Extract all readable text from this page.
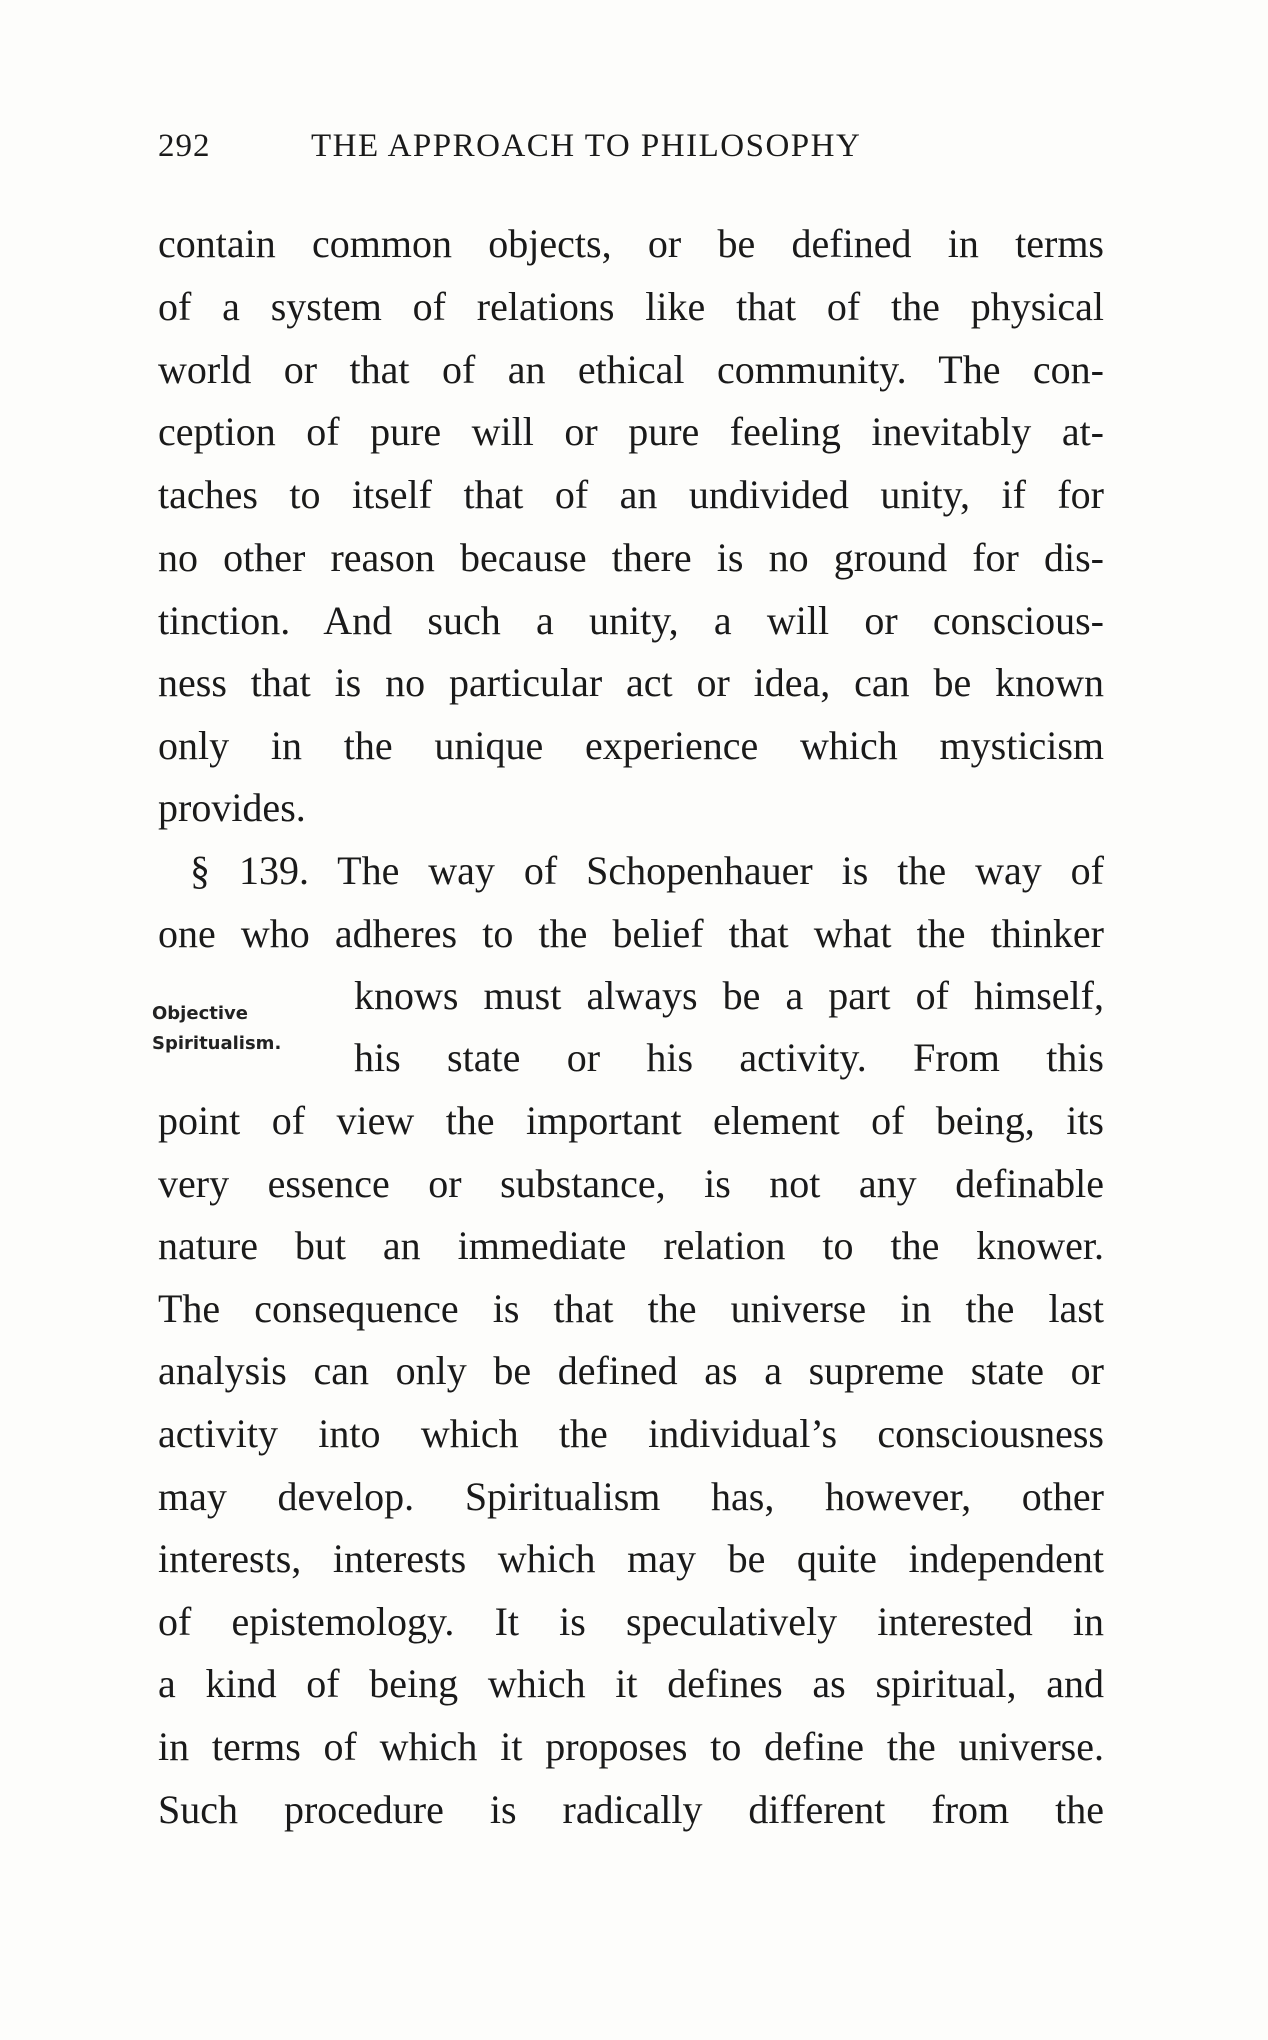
292	THE APPROACH TO PHILOSOPHY
contain common objects, or be defined in terms
of a system of relations like that of the physical
world or that of an ethical community. The con-
ception of pure will or pure feeling inevitably at-
taches to itself that of an undivided unity, if for
no other reason because there is no ground for dis-
tinction. And such a unity, a will or conscious-
ness that is no particular act or idea, can be known
only in the unique experience which mysticism
provides.
§ 139. The way of Schopenhauer is the way of
one who adheres to the belief that what the thinker
Objective
Spiritualism.
knows must always be a part of himself,
his state or his activity. From this
point of view the important element of being, its
very essence or substance, is not any definable
nature but an immediate relation to the knower.
The consequence is that the universe in the last
analysis can only be defined as a supreme state or
activity into which the individual’s consciousness
may develop. Spiritualism has, however, other
interests, interests which may be quite independent
of epistemology. It is speculatively interested in
a kind of being which it defines as spiritual, and
in terms of which it proposes to define the universe.
Such procedure is radically different from the
